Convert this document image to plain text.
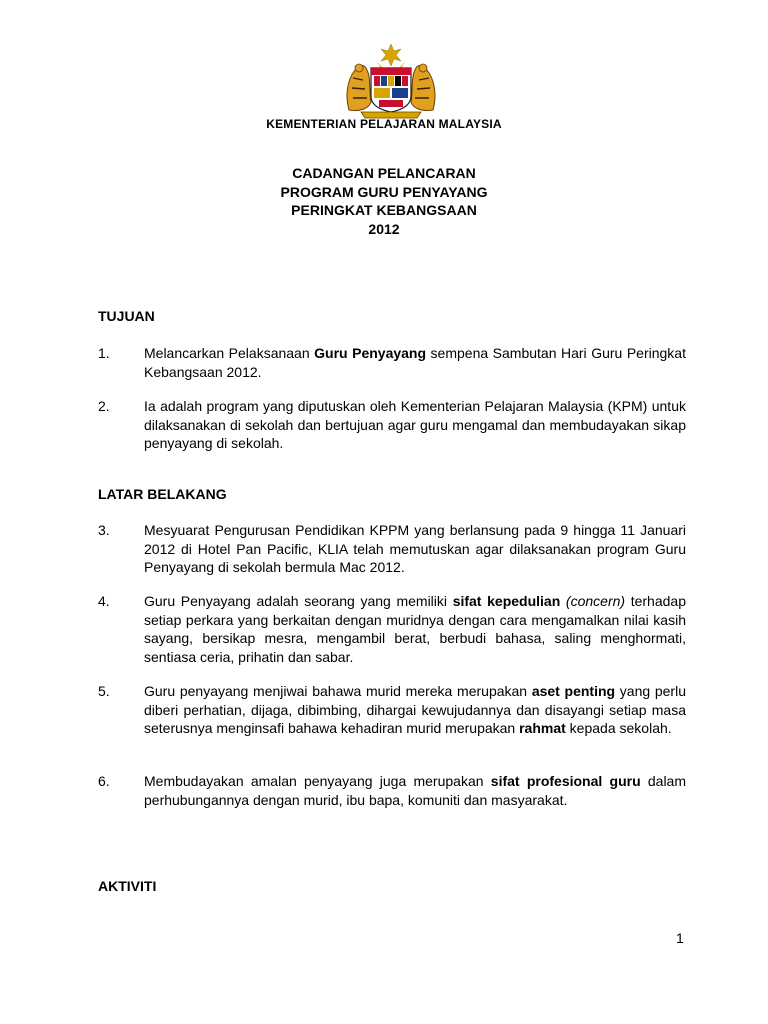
KEMENTERIAN PELAJARAN MALAYSIA
CADANGAN PELANCARAN
PROGRAM GURU PENYAYANG
PERINGKAT KEBANGSAAN
2012
TUJUAN
1. Melancarkan Pelaksanaan Guru Penyayang sempena Sambutan Hari Guru Peringkat Kebangsaan 2012.
2. Ia adalah program yang diputuskan oleh Kementerian Pelajaran Malaysia (KPM) untuk dilaksanakan di sekolah dan bertujuan agar guru mengamal dan membudayakan sikap penyayang di sekolah.
LATAR BELAKANG
3. Mesyuarat Pengurusan Pendidikan KPPM yang berlansung pada 9 hingga 11 Januari 2012 di Hotel Pan Pacific, KLIA telah memutuskan agar dilaksanakan program Guru Penyayang di sekolah bermula Mac 2012.
4. Guru Penyayang adalah seorang yang memiliki sifat kepedulian (concern) terhadap setiap perkara yang berkaitan dengan muridnya dengan cara mengamalkan nilai kasih sayang, bersikap mesra, mengambil berat, berbudi bahasa, saling menghormati, sentiasa ceria, prihatin dan sabar.
5. Guru penyayang menjiwai bahawa murid mereka merupakan aset penting yang perlu diberi perhatian, dijaga, dibimbing, dihargai kewujudannya dan disayangi setiap masa seterusnya menginsafi bahawa kehadiran murid merupakan rahmat kepada sekolah.
6. Membudayakan amalan penyayang juga merupakan sifat profesional guru dalam perhubungannya dengan murid, ibu bapa, komuniti dan masyarakat.
AKTIVITI
1
